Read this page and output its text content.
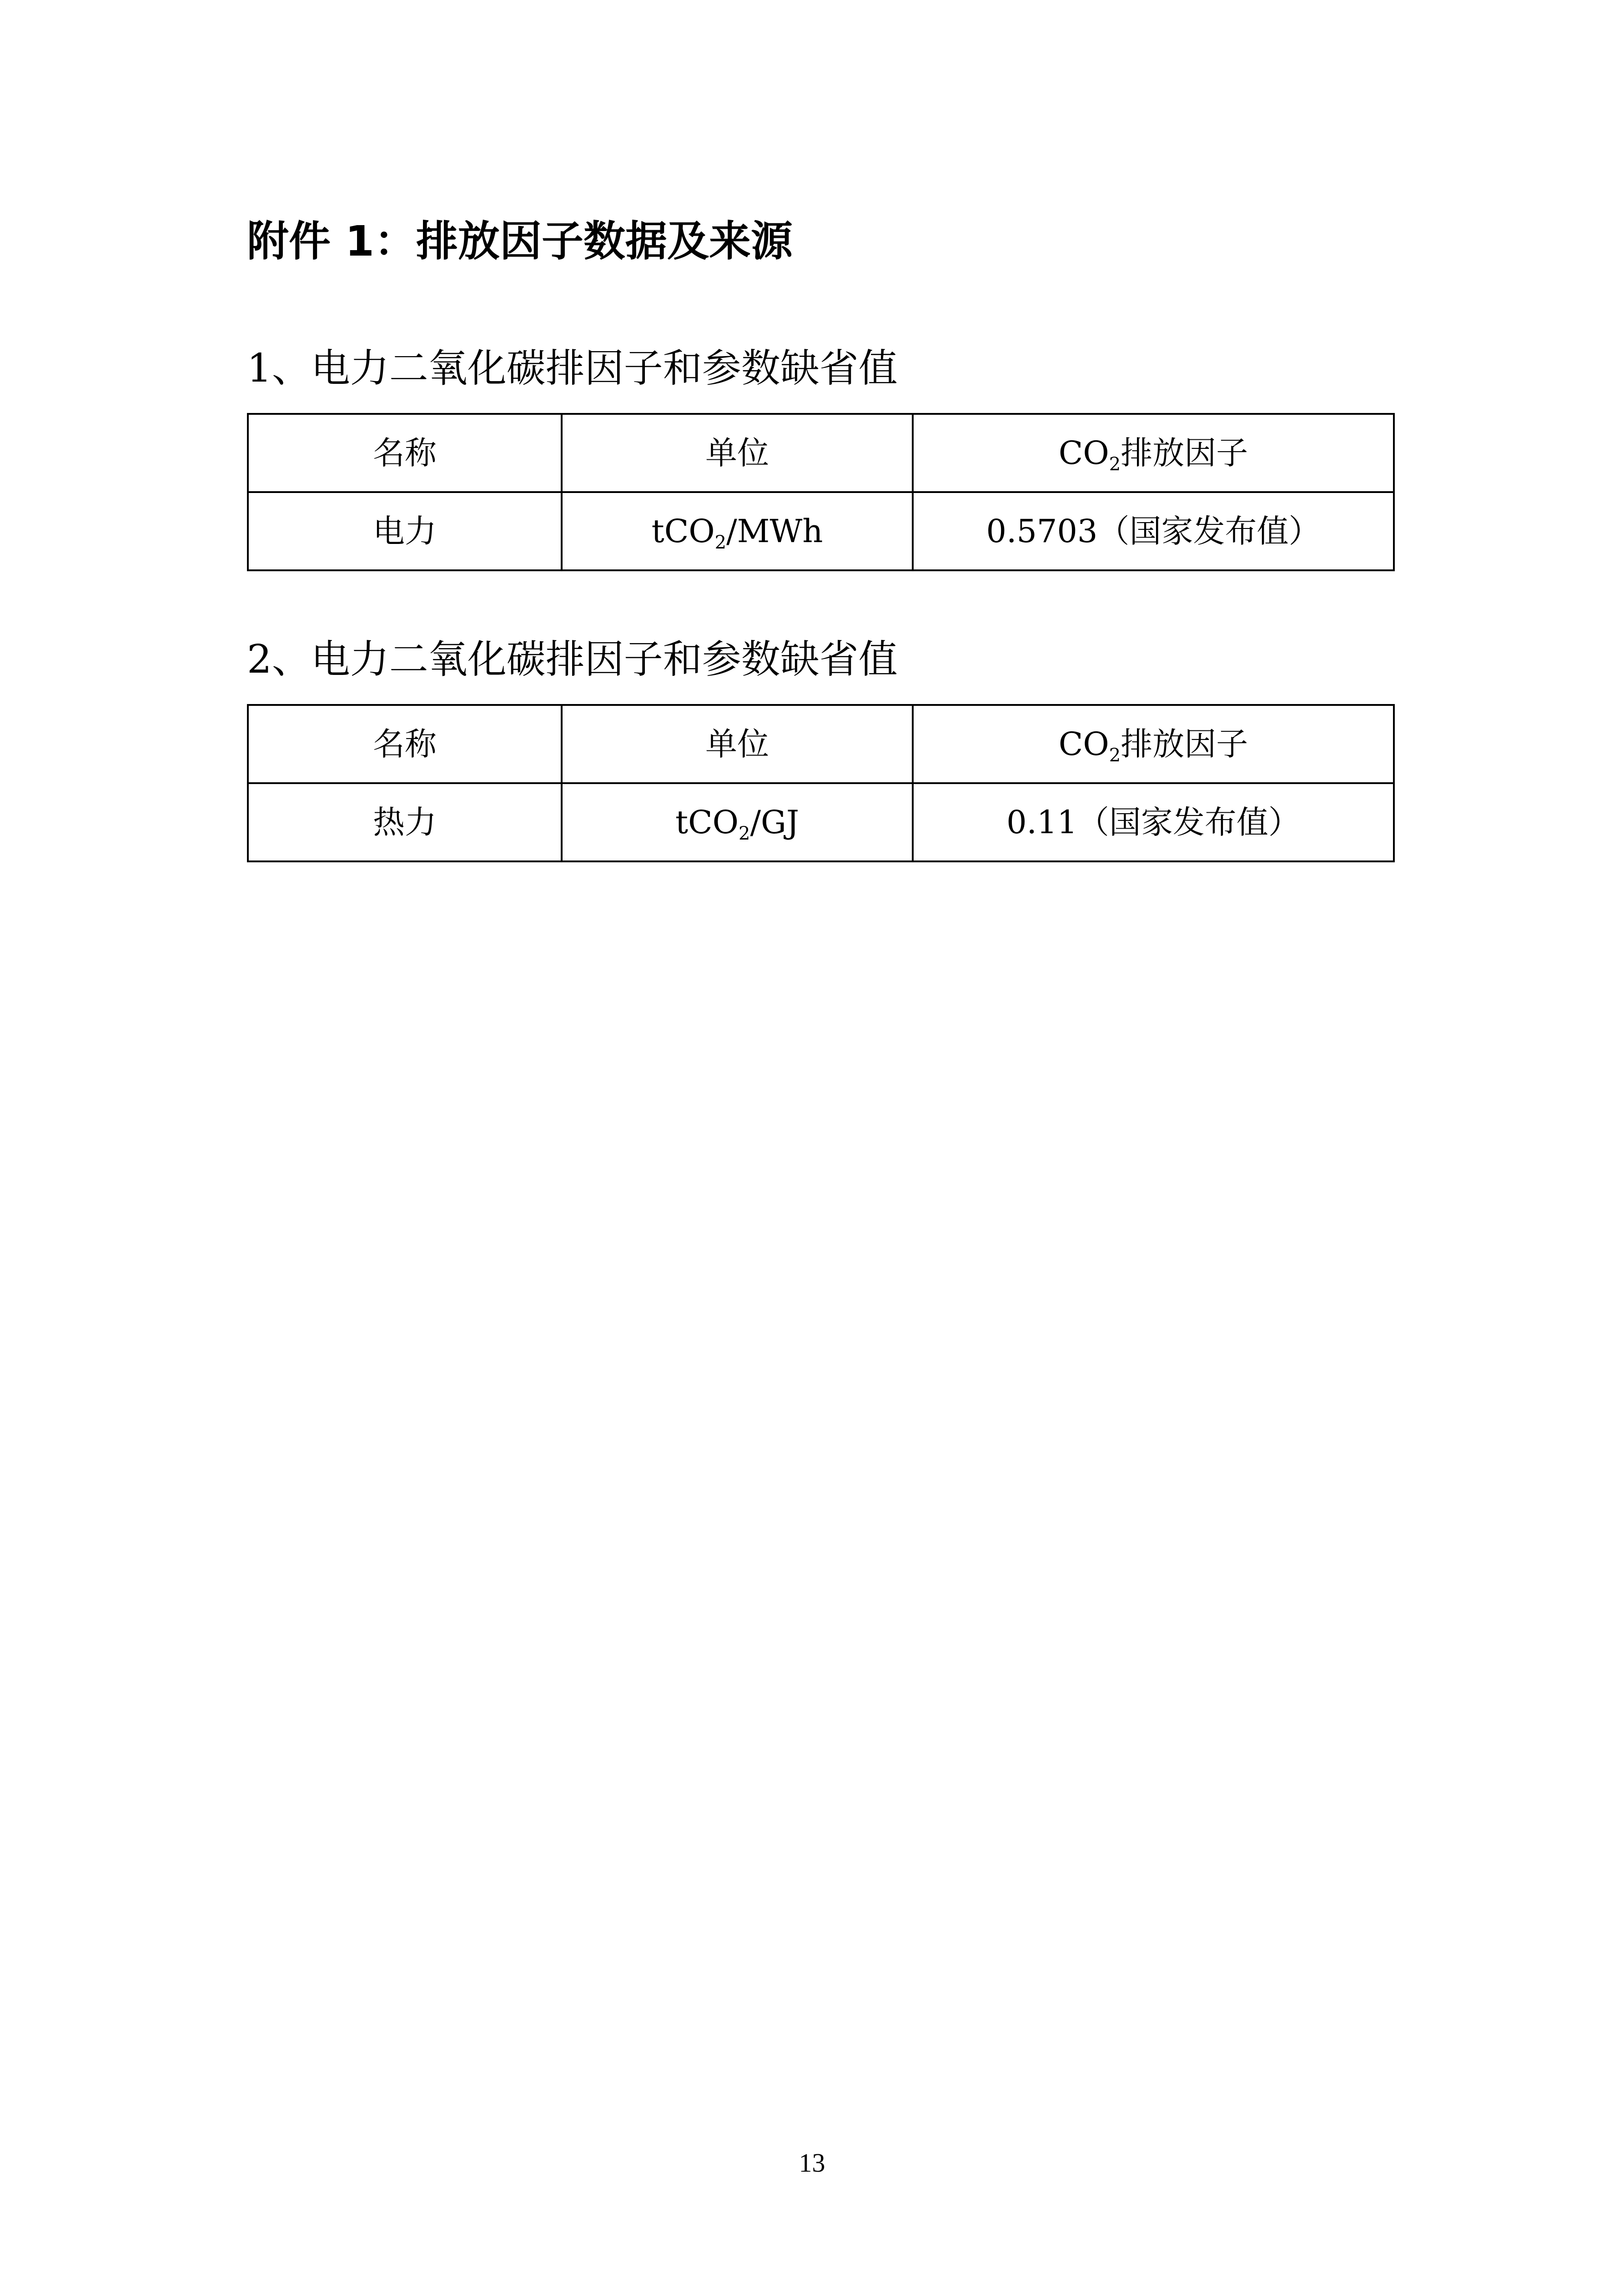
附件 1：排放因子数据及来源
1、电力二氧化碳排因子和参数缺省值
名称	单位	$CO_2$排放因子
电力	tCO$_2$/MWh	0.5703（国家发布值）
2、电力二氧化碳排因子和参数缺省值
名称	单位	$CO_2$排放因子
热力	tCO$_2$/GJ	0.11（国家发布值）
13
